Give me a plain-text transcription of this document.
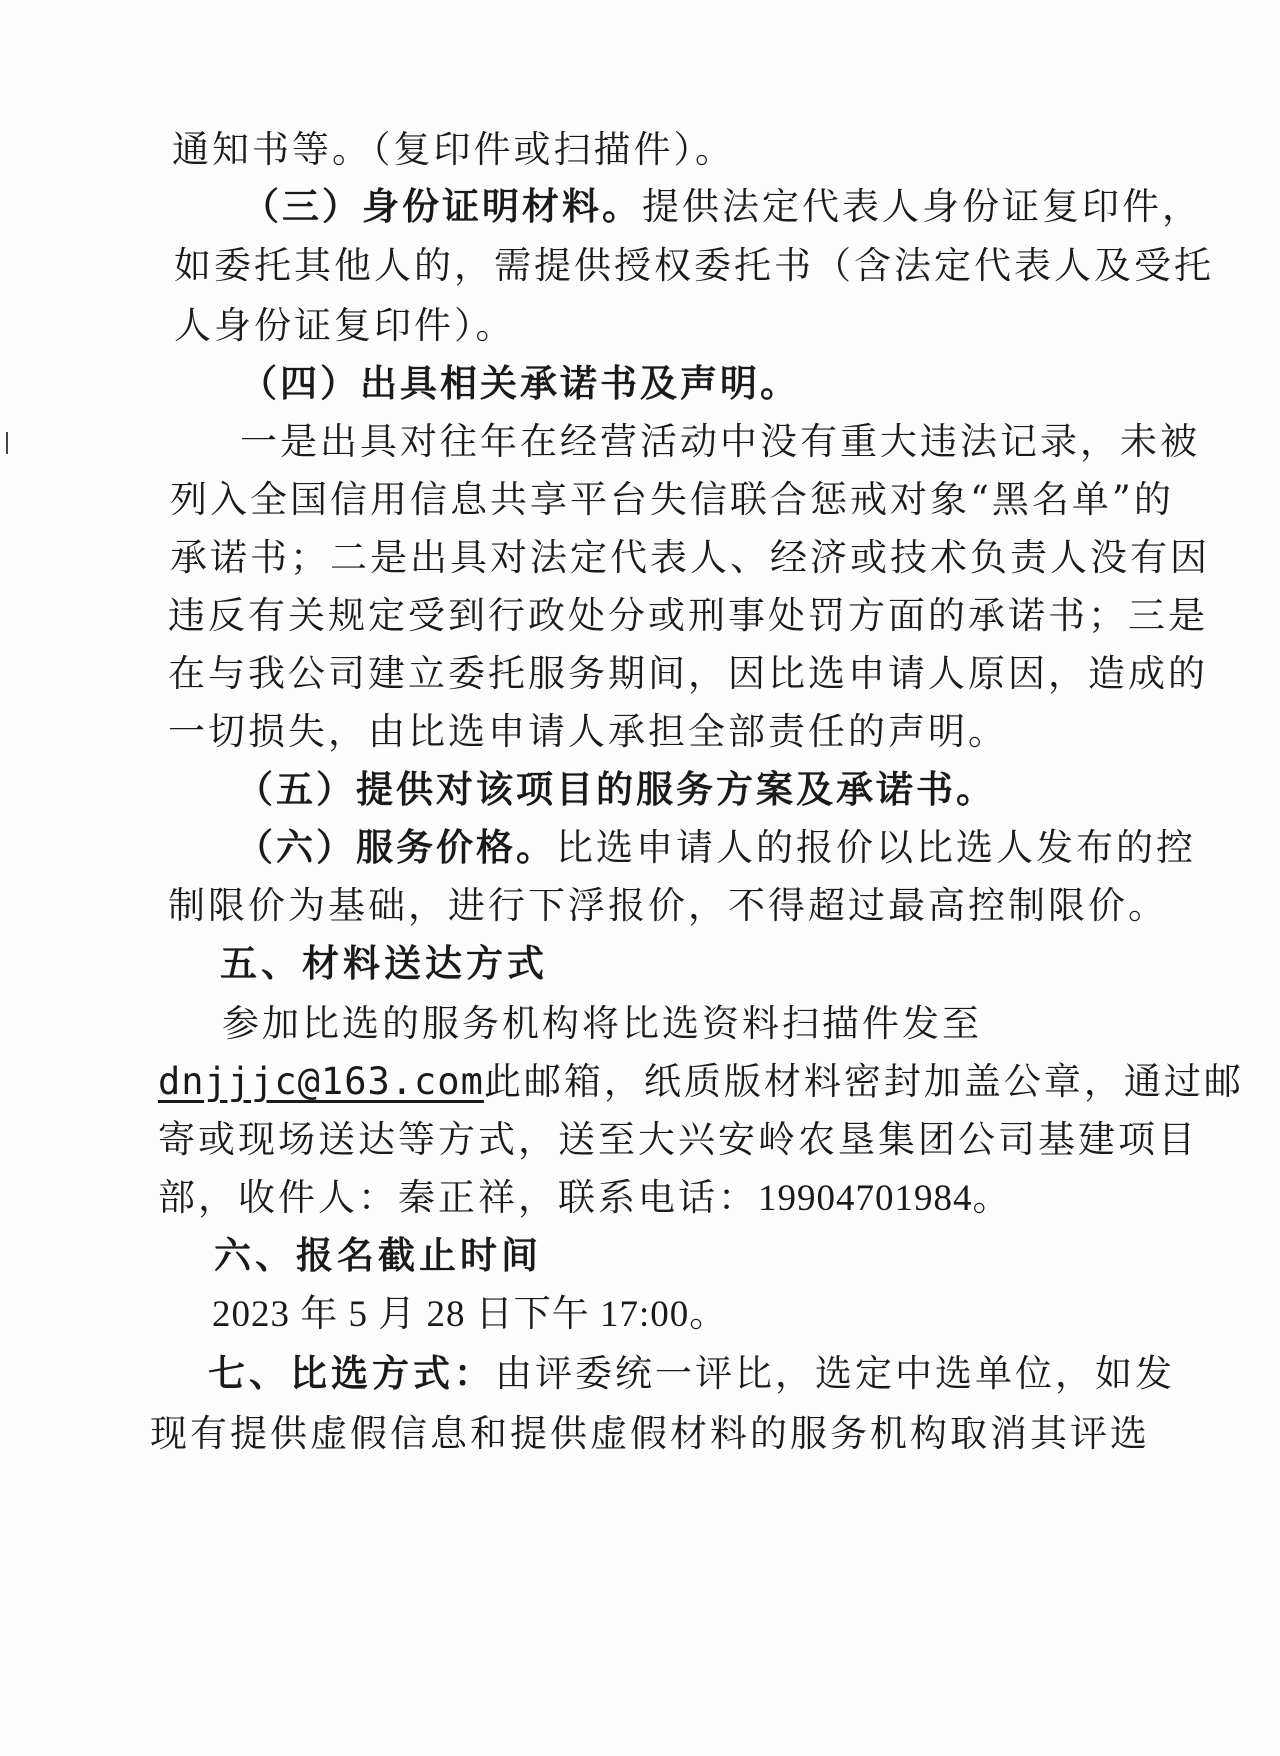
通知书等。（复印件或扫描件）。
（三）身份证明材料。提供法定代表人身份证复印件，
如委托其他人的，需提供授权委托书（含法定代表人及受托
人身份证复印件）。
（四）出具相关承诺书及声明。
一是出具对往年在经营活动中没有重大违法记录，未被
列入全国信用信息共享平台失信联合惩戒对象“黑名单”的
承诺书；二是出具对法定代表人、经济或技术负责人没有因
违反有关规定受到行政处分或刑事处罚方面的承诺书；三是
在与我公司建立委托服务期间，因比选申请人原因，造成的
一切损失，由比选申请人承担全部责任的声明。
（五）提供对该项目的服务方案及承诺书。
（六）服务价格。比选申请人的报价以比选人发布的控
制限价为基础，进行下浮报价，不得超过最高控制限价。
五、材料送达方式
参加比选的服务机构将比选资料扫描件发至
dnjjjc@163.com此邮箱，纸质版材料密封加盖公章，通过邮
寄或现场送达等方式，送至大兴安岭农垦集团公司基建项目
部，收件人：秦正祥，联系电话：19904701984。
六、报名截止时间
2023 年 5 月 28 日下午 17:00。
七、比选方式：由评委统一评比，选定中选单位，如发
现有提供虚假信息和提供虚假材料的服务机构取消其评选
